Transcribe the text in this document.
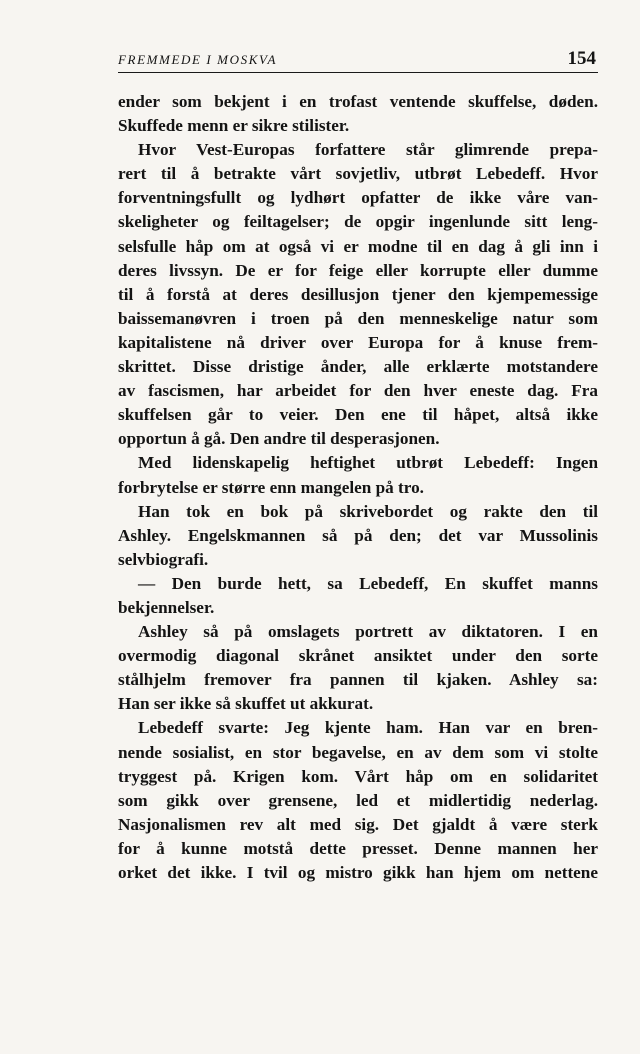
FREMMEDE I MOSKVA	154
ender som bekjent i en trofast ventende skuffelse, døden.
Skuffede menn er sikre stilister.
Hvor Vest-Europas forfattere står glimrende prepa-
rert til å betrakte vårt sovjetliv, utbrøt Lebedeff. Hvor
forventningsfullt og lydhørt opfatter de ikke våre van-
skeligheter og feiltagelser; de opgir ingenlunde sitt leng-
selsfulle håp om at også vi er modne til en dag å gli inn i
deres livssyn. De er for feige eller korrupte eller dumme
til å forstå at deres desillusjon tjener den kjempemessige
baissemanøvren i troen på den menneskelige natur som
kapitalistene nå driver over Europa for å knuse frem-
skrittet. Disse dristige ånder, alle erklærte motstandere
av fascismen, har arbeidet for den hver eneste dag. Fra
skuffelsen går to veier. Den ene til håpet, altså ikke
opportun å gå. Den andre til desperasjonen.
Med lidenskapelig heftighet utbrøt Lebedeff: Ingen
forbrytelse er større enn mangelen på tro.
Han tok en bok på skrivebordet og rakte den til
Ashley. Engelskmannen så på den; det var Mussolinis
selvbiografi.
— Den burde hett, sa Lebedeff, En skuffet manns
bekjennelser.
Ashley så på omslagets portrett av diktatoren. I en
overmodig diagonal skrånet ansiktet under den sorte
stålhjelm fremover fra pannen til kjaken. Ashley sa:
Han ser ikke så skuffet ut akkurat.
Lebedeff svarte: Jeg kjente ham. Han var en bren-
nende sosialist, en stor begavelse, en av dem som vi stolte
tryggest på. Krigen kom. Vårt håp om en solidaritet
som gikk over grensene, led et midlertidig nederlag.
Nasjonalismen rev alt med sig. Det gjaldt å være sterk
for å kunne motstå dette presset. Denne mannen her
orket det ikke. I tvil og mistro gikk han hjem om nettene
